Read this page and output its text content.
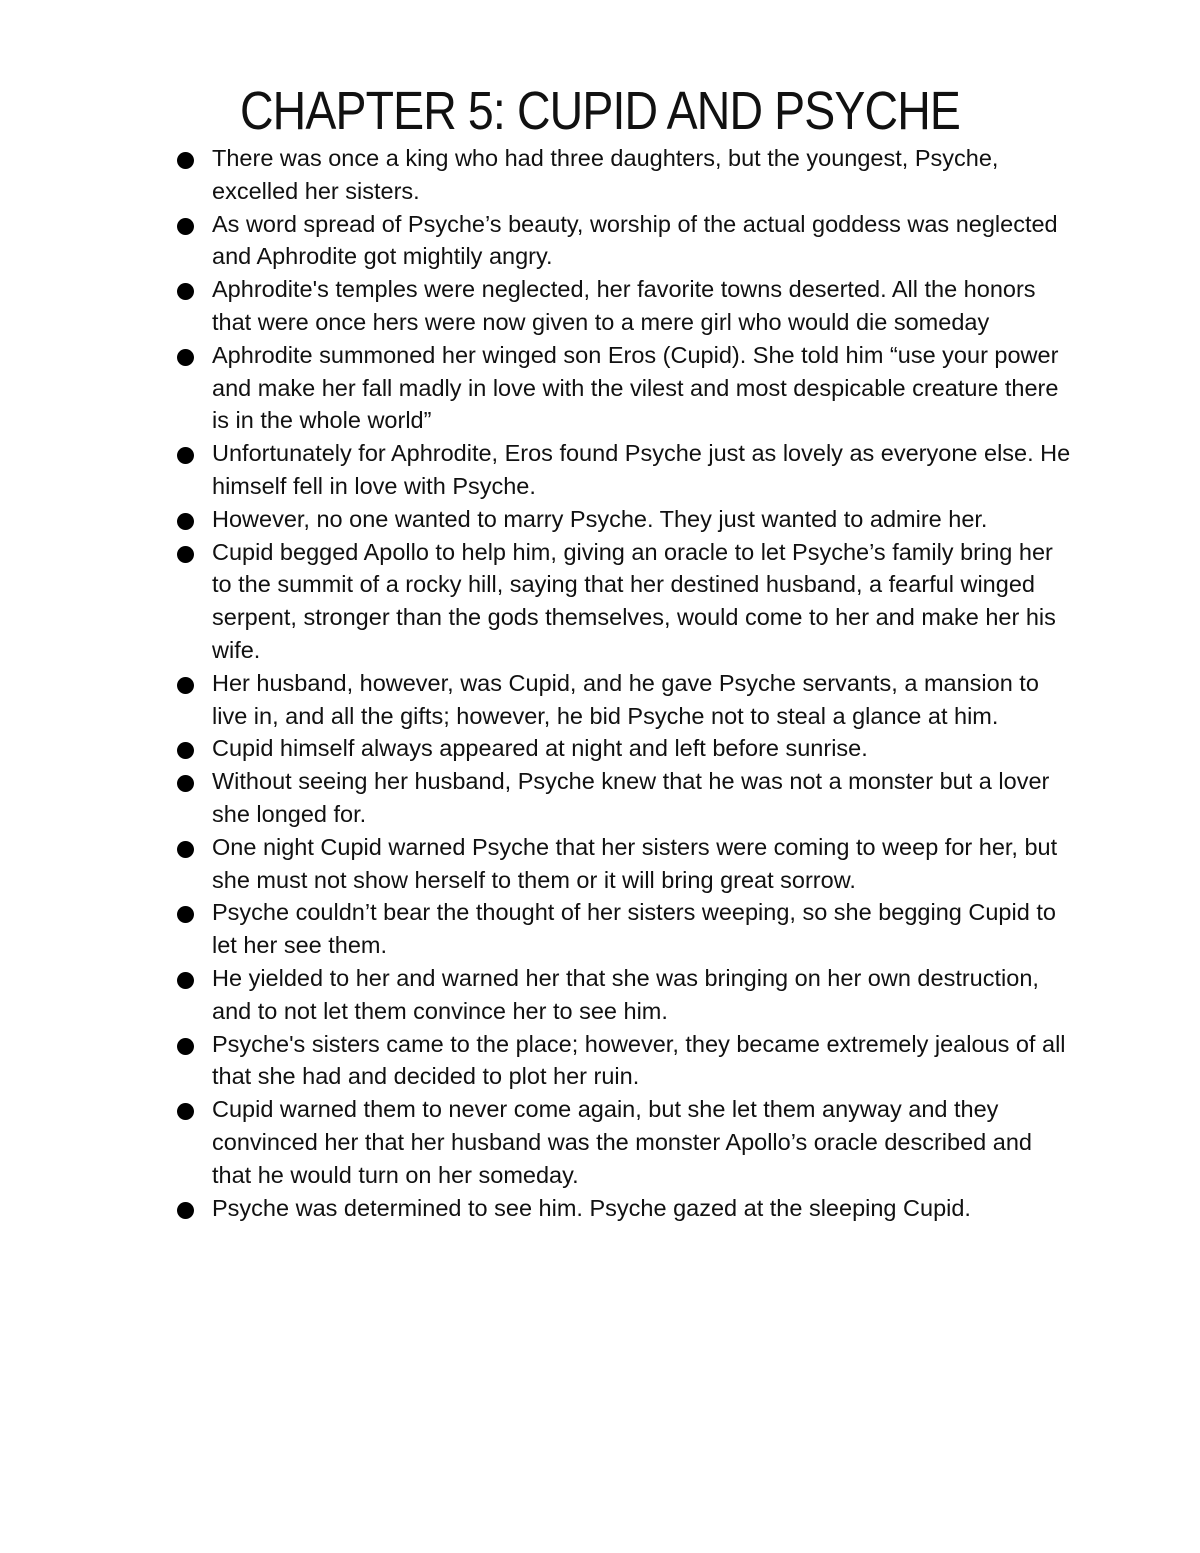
CHAPTER 5: CUPID AND PSYCHE
There was once a king who had three daughters, but the youngest, Psyche, excelled her sisters.
As word spread of Psyche’s beauty, worship of the actual goddess was neglected and Aphrodite got mightily angry.
Aphrodite's temples were neglected, her favorite towns deserted. All the honors that were once hers were now given to a mere girl who would die someday
Aphrodite summoned her winged son Eros (Cupid). She told him “use your power and make her fall madly in love with the vilest and most despicable creature there is in the whole world”
Unfortunately for Aphrodite, Eros found Psyche just as lovely as everyone else. He himself fell in love with Psyche.
However, no one wanted to marry Psyche. They just wanted to admire her.
Cupid begged Apollo to help him, giving an oracle to let Psyche’s family bring her to the summit of a rocky hill, saying that her destined husband, a fearful winged serpent, stronger than the gods themselves, would come to her and make her his wife.
Her husband, however, was Cupid, and he gave Psyche servants, a mansion to live in, and all the gifts; however, he bid Psyche not to steal a glance at him.
Cupid himself always appeared at night and left before sunrise.
Without seeing her husband, Psyche knew that he was not a monster but a lover she longed for.
One night Cupid warned Psyche that her sisters were coming to weep for her, but she must not show herself to them or it will bring great sorrow.
Psyche couldn’t bear the thought of her sisters weeping, so she begging Cupid to let her see them.
He yielded to her and warned her that she was bringing on her own destruction, and to not let them convince her to see him.
Psyche's sisters came to the place; however, they became extremely jealous of all that she had and decided to plot her ruin.
Cupid warned them to never come again, but she let them anyway and they convinced her that her husband was the monster Apollo’s oracle described and that he would turn on her someday.
Psyche was determined to see him. Psyche gazed at the sleeping Cupid.
